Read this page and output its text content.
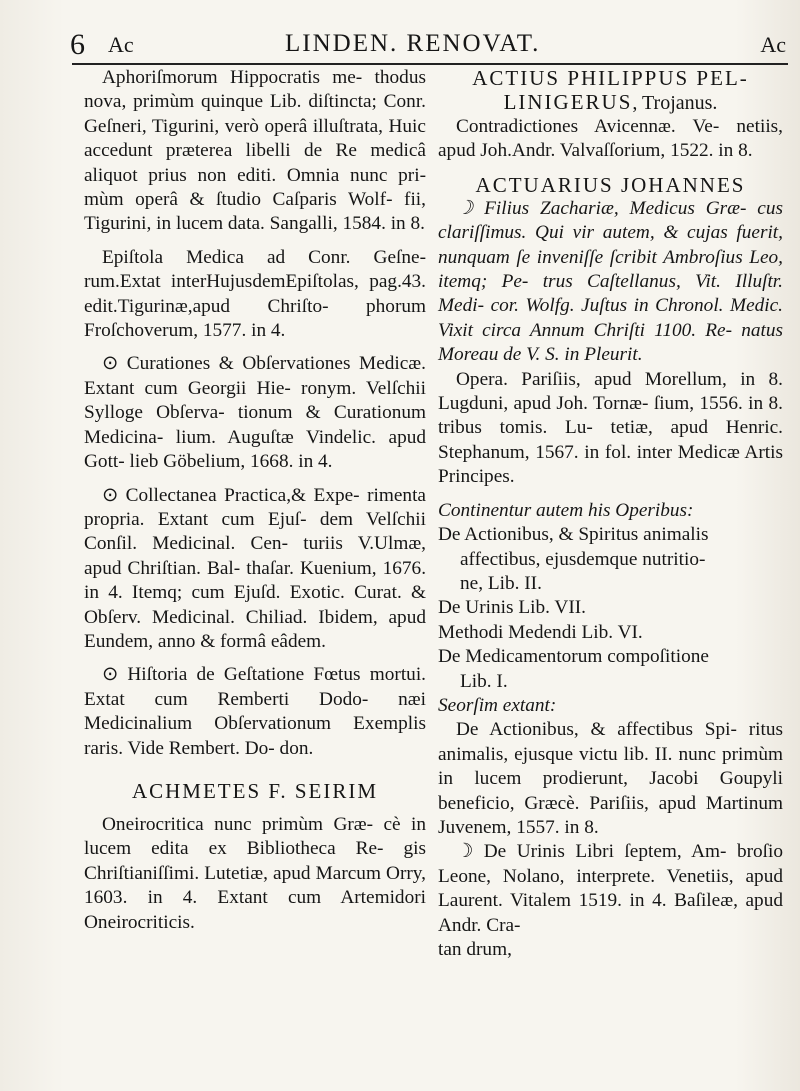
6 Ac	LINDEN. RENOVAT.	Ac

Aphoriſmorum Hippocratis me- thodus nova, primùm quinque Lib. diſtincta; Conr. Geſneri, Tigurini, verò operâ illuſtrata, Huic accedunt præterea libelli de Re medicâ aliquot prius non editi. Omnia nunc pri- mùm operâ & ſtudio Caſparis Wolf- fii, Tigurini, in lucem data. Sangalli, 1584. in 8.

Epiſtola Medica ad Conr. Geſne- rum.Extat interHujusdemEpiſtolas, pag.43. edit.Tigurinæ,apud Chriſto- phorum Froſchoverum, 1577. in 4.

⊙ Curationes & Obſervationes Medicæ. Extant cum Georgii Hie- ronym. Velſchii Sylloge Obſerva- tionum & Curationum Medicina- lium. Auguſtæ Vindelic. apud Gott- lieb Göbelium, 1668. in 4.

⊙ Collectanea Practica,& Expe- rimenta propria. Extant cum Ejuſ- dem Velſchii Conſil. Medicinal. Cen- turiis V.Ulmæ, apud Chriſtian. Bal- thaſar. Kuenium, 1676. in 4. Itemq; cum Ejuſd. Exotic. Curat. & Obſerv. Medicinal. Chiliad. Ibidem, apud Eundem, anno & formâ eâdem.

⊙ Hiſtoria de Geſtatione Fœtus mortui. Extat cum Remberti Dodo- næi Medicinalium Obſervationum Exemplis raris. Vide Rembert. Do- don.

ACHMETES F. SEIRIM

Oneirocritica nunc primùm Græ- cè in lucem edita ex Bibliotheca Re- gis Chriſtianiſſimi. Lutetiæ, apud Marcum Orry, 1603. in 4. Extant cum Artemidori Oneirocriticis.

ACTIUS PHILIPPUS PEL-
LINIGERUS, Trojanus.

Contradictiones Avicennæ. Ve- netiis, apud Joh.Andr. Valvaſſorium, 1522. in 8.

ACTUARIUS JOHANNES

☽ Filius Zachariæ, Medicus Græ- cus clariſſimus. Qui vir autem, & cujas fuerit, nunquam ſe inveniſſe ſcribit Ambroſius Leo, itemq; Pe- trus Caſtellanus, Vit. Illuſtr. Medi- cor. Wolfg. Juſtus in Chronol. Medic. Vixit circa Annum Chriſti 1100. Re- natus Moreau de V. S. in Pleurit.

Opera. Pariſiis, apud Morellum, in 8. Lugduni, apud Joh. Tornæ- ſium, 1556. in 8. tribus tomis. Lu- tetiæ, apud Henric. Stephanum, 1567. in fol. inter Medicæ Artis Principes.

Continentur autem his Operibus:

De Actionibus, & Spiritus animalis
affectibus, ejusdemque nutritio-
ne, Lib. II.
De Urinis Lib. VII.
Methodi Medendi Lib. VI.
De Medicamentorum compoſitione
Lib. I.

Seorſim extant:

De Actionibus, & affectibus Spi- ritus animalis, ejusque victu lib. II. nunc primùm in lucem prodierunt, Jacobi Goupyli beneficio, Græcè. Pariſiis, apud Martinum Juvenem, 1557. in 8.

☽ De Urinis Libri ſeptem, Am- broſio Leone, Nolano, interprete. Venetiis, apud Laurent. Vitalem 1519. in 4. Baſileæ, apud Andr. Cra-

tan drum,
